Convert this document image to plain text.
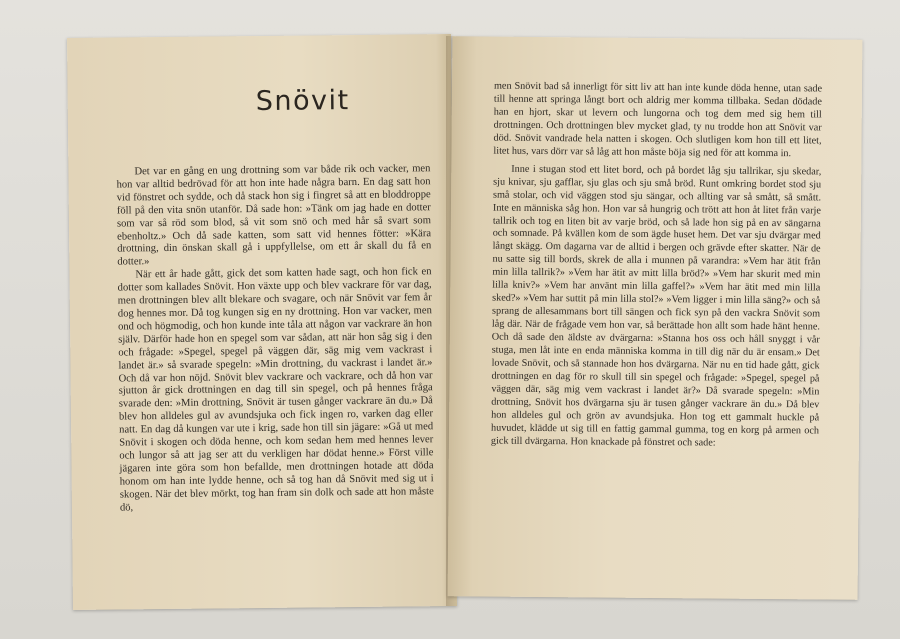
Snövit

Det var en gång en ung drottning som var både rik och vacker, men hon var alltid bedrövad för att hon inte hade några barn. En dag satt hon vid fönstret och sydde, och då stack hon sig i fingret så att en bloddroppe föll på den vita snön utanför. Då sade hon: »Tänk om jag hade en dotter som var så röd som blod, så vit som snö och med hår så svart som ebenholtz.» Och då sade katten, som satt vid hennes fötter: »Kära drottning, din önskan skall gå i uppfyllelse, om ett år skall du få en dotter.»

När ett år hade gått, gick det som katten hade sagt, och hon fick en dotter som kallades Snövit. Hon växte upp och blev vackrare för var dag, men drottningen blev allt blekare och svagare, och när Snövit var fem år dog hennes mor. Då tog kungen sig en ny drottning. Hon var vacker, men ond och högmodig, och hon kunde inte tåla att någon var vackrare än hon själv. Därför hade hon en spegel som var sådan, att när hon såg sig i den och frågade: »Spegel, spegel på väggen där, säg mig vem vackrast i landet är.» så svarade spegeln: »Min drottning, du vackrast i landet är.» Och då var hon nöjd. Snövit blev vackrare och vackrare, och då hon var sjutton år gick drottningen en dag till sin spegel, och på hennes fråga svarade den: »Min drottning, Snövit är tusen gånger vackrare än du.» Då blev hon alldeles gul av avundsjuka och fick ingen ro, varken dag eller natt. En dag då kungen var ute i krig, sade hon till sin jägare: »Gå ut med Snövit i skogen och döda henne, och kom sedan hem med hennes lever och lungor så att jag ser att du verkligen har dödat henne.» Först ville jägaren inte göra som hon befallde, men drottningen hotade att döda honom om han inte lydde henne, och så tog han då Snövit med sig ut i skogen. När det blev mörkt, tog han fram sin dolk och sade att hon måste dö,

men Snövit bad så innerligt för sitt liv att han inte kunde döda henne, utan sade till henne att springa långt bort och aldrig mer komma tillbaka. Sedan dödade han en hjort, skar ut levern och lungorna och tog dem med sig hem till drottningen. Och drottningen blev mycket glad, ty nu trodde hon att Snövit var död. Snövit vandrade hela natten i skogen. Och slutligen kom hon till ett litet, litet hus, vars dörr var så låg att hon måste böja sig ned för att komma in.

Inne i stugan stod ett litet bord, och på bordet låg sju tallrikar, sju skedar, sju knivar, sju gafflar, sju glas och sju små bröd. Runt omkring bordet stod sju små stolar, och vid väggen stod sju sängar, och allting var så smått, så smått. Inte en människa såg hon. Hon var så hungrig och trött att hon åt litet från varje tallrik och tog en liten bit av varje bröd, och så lade hon sig på en av sängarna och somnade. På kvällen kom de som ägde huset hem. Det var sju dvärgar med långt skägg. Om dagarna var de alltid i bergen och grävde efter skatter. När de nu satte sig till bords, skrek de alla i munnen på varandra: »Vem har ätit från min lilla tallrik?» »Vem har ätit av mitt lilla bröd?» »Vem har skurit med min lilla kniv?» »Vem har använt min lilla gaffel?» »Vem har ätit med min lilla sked?» »Vem har suttit på min lilla stol?» »Vem ligger i min lilla säng?» och så sprang de allesammans bort till sängen och fick syn på den vackra Snövit som låg där. När de frågade vem hon var, så berättade hon allt som hade hänt henne. Och då sade den äldste av dvärgarna: »Stanna hos oss och håll snyggt i vår stuga, men låt inte en enda människa komma in till dig när du är ensam.» Det lovade Snövit, och så stannade hon hos dvärgarna. När nu en tid hade gått, gick drottningen en dag för ro skull till sin spegel och frågade: »Spegel, spegel på väggen där, säg mig vem vackrast i landet är?» Då svarade spegeln: »Min drottning, Snövit hos dvärgarna sju är tusen gånger vackrare än du.» Då blev hon alldeles gul och grön av avundsjuka. Hon tog ett gammalt huckle på huvudet, klädde ut sig till en fattig gammal gumma, tog en korg på armen och gick till dvärgarna. Hon knackade på fönstret och sade:
